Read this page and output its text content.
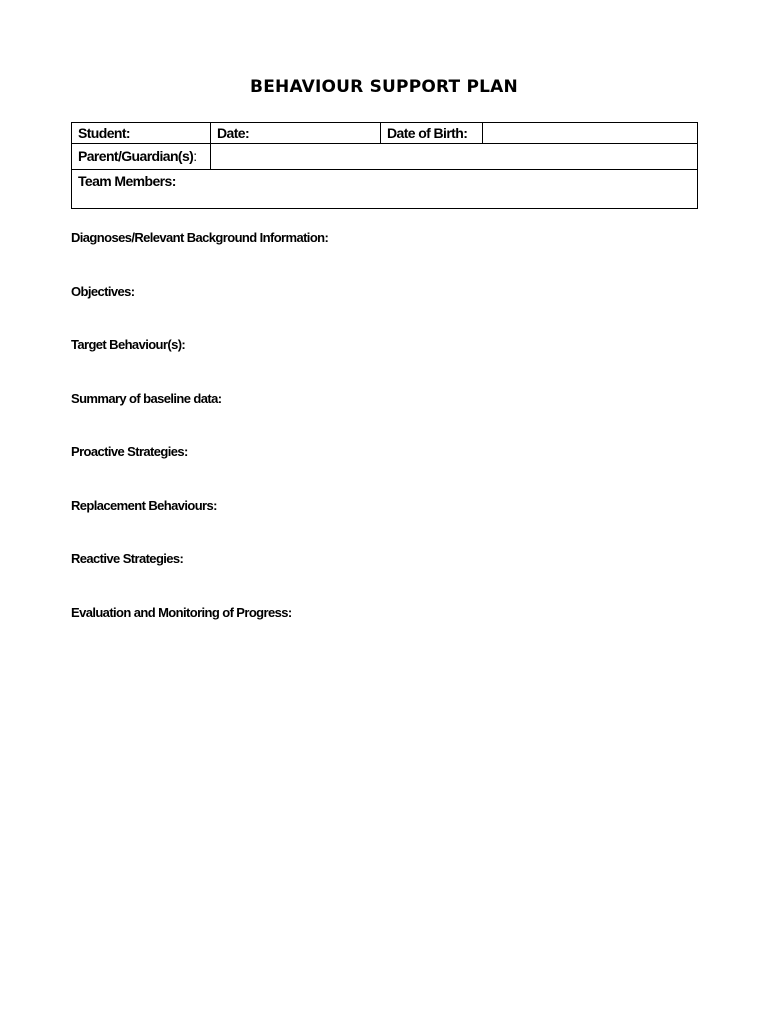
BEHAVIOUR SUPPORT PLAN
Student:	Date:	Date of Birth:	
Parent/Guardian(s):			
Team Members:			
Diagnoses/Relevant Background Information:
Objectives:
Target Behaviour(s):
Summary of baseline data:
Proactive Strategies:
Replacement Behaviours:
Reactive Strategies:
Evaluation and Monitoring of Progress:
